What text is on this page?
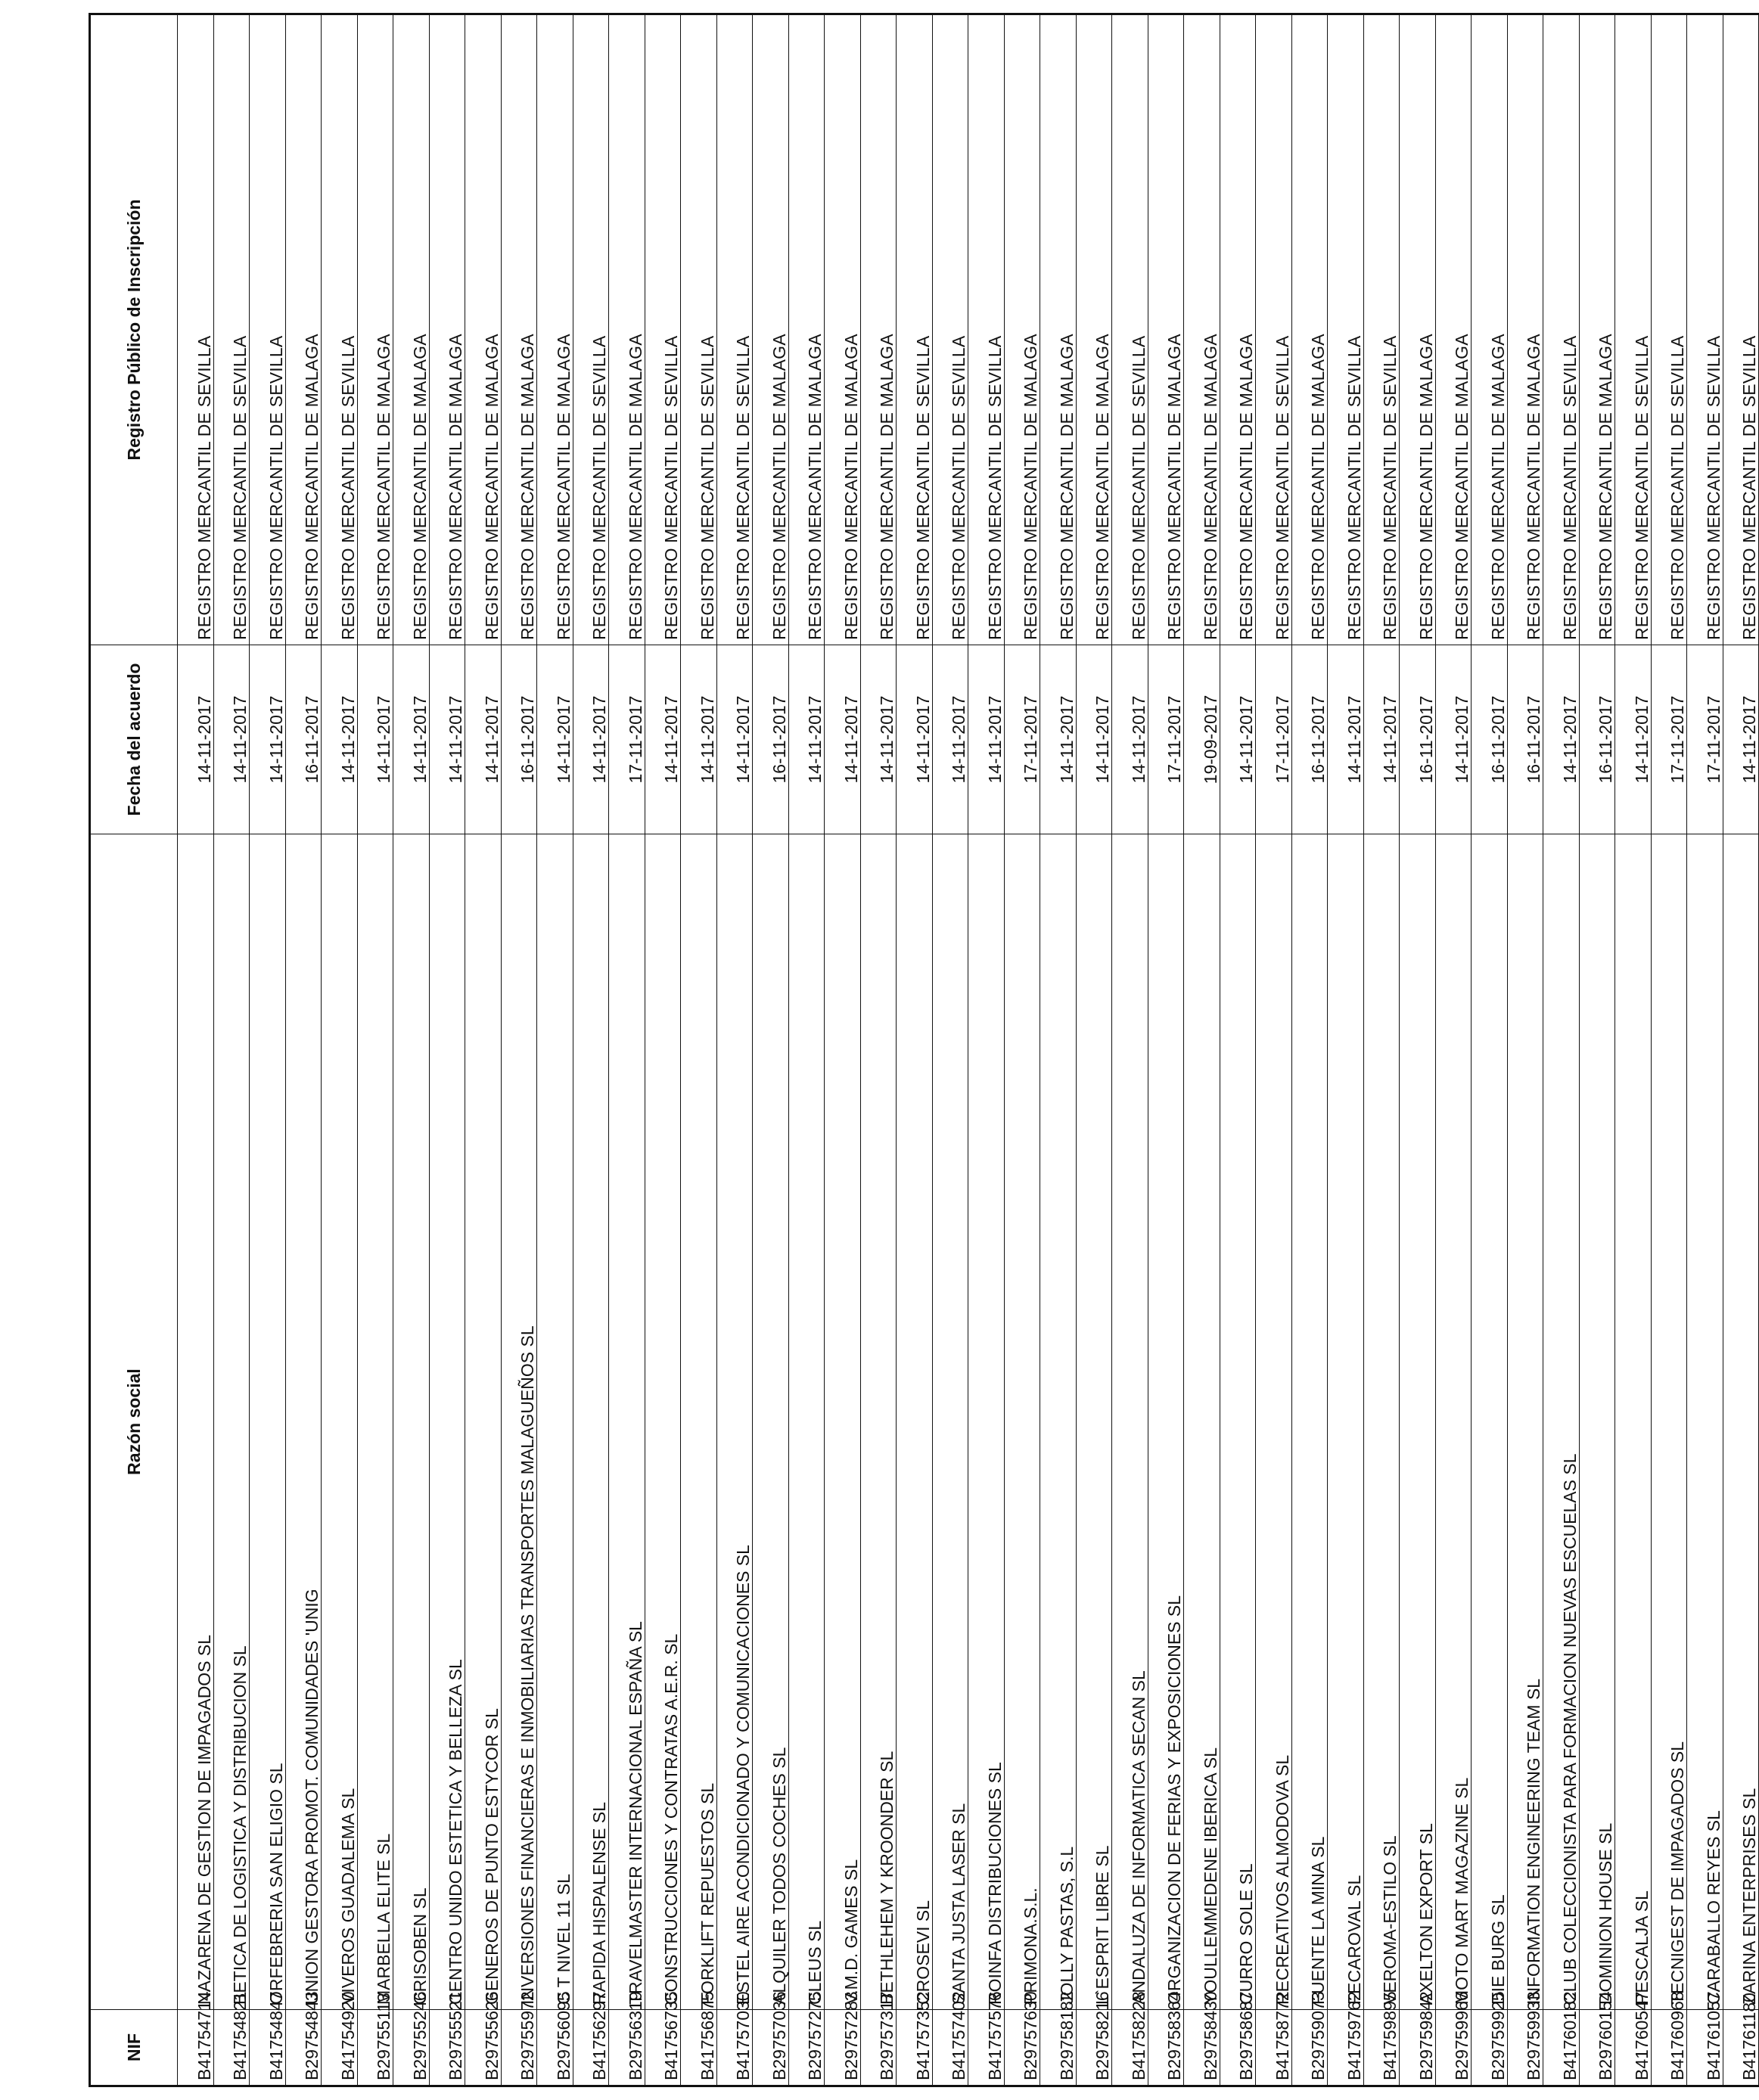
NIF	Razón social	Fecha del acuerdo	Registro Público de Inscripción
B41754714	NAZARENA DE GESTION DE IMPAGADOS SL	14-11-2017	REGISTRO MERCANTIL DE SEVILLA
B41754821	BETICA DE LOGISTICA Y DISTRIBUCION SL	14-11-2017	REGISTRO MERCANTIL DE SEVILLA
B41754847	ORFEBRERIA SAN ELIGIO SL	14-11-2017	REGISTRO MERCANTIL DE SEVILLA
B29754843	UNION GESTORA PROMOT. COMUNIDADES 'UNIG	16-11-2017	REGISTRO MERCANTIL DE MALAGA
B41754920	VIVEROS GUADALEMA SL	14-11-2017	REGISTRO MERCANTIL DE SEVILLA
B29755113	MARBELLA ELITE SL	14-11-2017	REGISTRO MERCANTIL DE MALAGA
B29755246	CRISOBEN SL	14-11-2017	REGISTRO MERCANTIL DE MALAGA
B29755521	CENTRO UNIDO ESTETICA Y BELLEZA SL	14-11-2017	REGISTRO MERCANTIL DE MALAGA
B29755626	GENEROS DE PUNTO ESTYCOR SL	14-11-2017	REGISTRO MERCANTIL DE MALAGA
B29755972	INVERSIONES FINANCIERAS E INMOBILIARIAS TRANSPORTES MALAGUEÑOS SL	16-11-2017	REGISTRO MERCANTIL DE MALAGA
B29756095	C T NIVEL 11 SL	14-11-2017	REGISTRO MERCANTIL DE MALAGA
B41756297	RAPIDA HISPALENSE SL	14-11-2017	REGISTRO MERCANTIL DE SEVILLA
B29756319	TRAVELMASTER INTERNACIONAL ESPAÑA SL	17-11-2017	REGISTRO MERCANTIL DE MALAGA
B41756735	CONSTRUCCIONES Y CONTRATAS A.E.R. SL	14-11-2017	REGISTRO MERCANTIL DE SEVILLA
B41756875	FORKLIFT REPUESTOS SL	14-11-2017	REGISTRO MERCANTIL DE SEVILLA
B41757030	ESTEL AIRE ACONDICIONADO Y COMUNICACIONES SL	14-11-2017	REGISTRO MERCANTIL DE SEVILLA
B29757036	ALQUILER TODOS COCHES SL	16-11-2017	REGISTRO MERCANTIL DE MALAGA
B29757275	CLEUS SL	14-11-2017	REGISTRO MERCANTIL DE MALAGA
B29757283	V.M.D. GAMES SL	14-11-2017	REGISTRO MERCANTIL DE MALAGA
B29757317	BETHLEHEM Y KROONDER SL	14-11-2017	REGISTRO MERCANTIL DE MALAGA
B41757352	CROSEVI SL	14-11-2017	REGISTRO MERCANTIL DE SEVILLA
B41757402	SANTA JUSTA LASER SL	14-11-2017	REGISTRO MERCANTIL DE SEVILLA
B41757576	ROINFA DISTRIBUCIONES SL	14-11-2017	REGISTRO MERCANTIL DE SEVILLA
B29757630	PRIMONA.S.L.	17-11-2017	REGISTRO MERCANTIL DE MALAGA
B29758182	JOLLY PASTAS, S.L	14-11-2017	REGISTRO MERCANTIL DE MALAGA
B29758216	L`ESPRIT LIBRE SL	14-11-2017	REGISTRO MERCANTIL DE MALAGA
B41758228	ANDALUZA DE INFORMATICA SECAN SL	14-11-2017	REGISTRO MERCANTIL DE SEVILLA
B29758364	ORGANIZACION DE FERIAS Y EXPOSICIONES SL	17-11-2017	REGISTRO MERCANTIL DE MALAGA
B29758430	YOULLEMMEDENE IBERICA SL	19-09-2017	REGISTRO MERCANTIL DE MALAGA
B29758687	CURRO SOLE SL	14-11-2017	REGISTRO MERCANTIL DE MALAGA
B41758772	RECREATIVOS ALMODOVA SL	17-11-2017	REGISTRO MERCANTIL DE SEVILLA
B29759073	FUENTE LA MINA SL	16-11-2017	REGISTRO MERCANTIL DE MALAGA
B41759762	FECAROVAL SL	14-11-2017	REGISTRO MERCANTIL DE SEVILLA
B41759895	VEROMA-ESTILO SL	14-11-2017	REGISTRO MERCANTIL DE SEVILLA
B29759842	AXELTON EXPORT SL	16-11-2017	REGISTRO MERCANTIL DE MALAGA
B29759966	MOTO MART MAGAZINE SL	14-11-2017	REGISTRO MERCANTIL DE MALAGA
B29759925	DIE BURG SL	16-11-2017	REGISTRO MERCANTIL DE MALAGA
B29759933	INFORMATION ENGINEERING TEAM SL	16-11-2017	REGISTRO MERCANTIL DE MALAGA
B41760182	CLUB COLECCIONISTA PARA FORMACION NUEVAS ESCUELAS SL	14-11-2017	REGISTRO MERCANTIL DE SEVILLA
B29760154	DOMINION HOUSE SL	16-11-2017	REGISTRO MERCANTIL DE MALAGA
B41760547	PESCALJA SL	14-11-2017	REGISTRO MERCANTIL DE SEVILLA
B41760968	TECNIGEST DE IMPAGADOS SL	17-11-2017	REGISTRO MERCANTIL DE SEVILLA
B41761057	CARABALLO REYES SL	17-11-2017	REGISTRO MERCANTIL DE SEVILLA
B41761180	ZARINA ENTERPRISES SL	14-11-2017	REGISTRO MERCANTIL DE SEVILLA
